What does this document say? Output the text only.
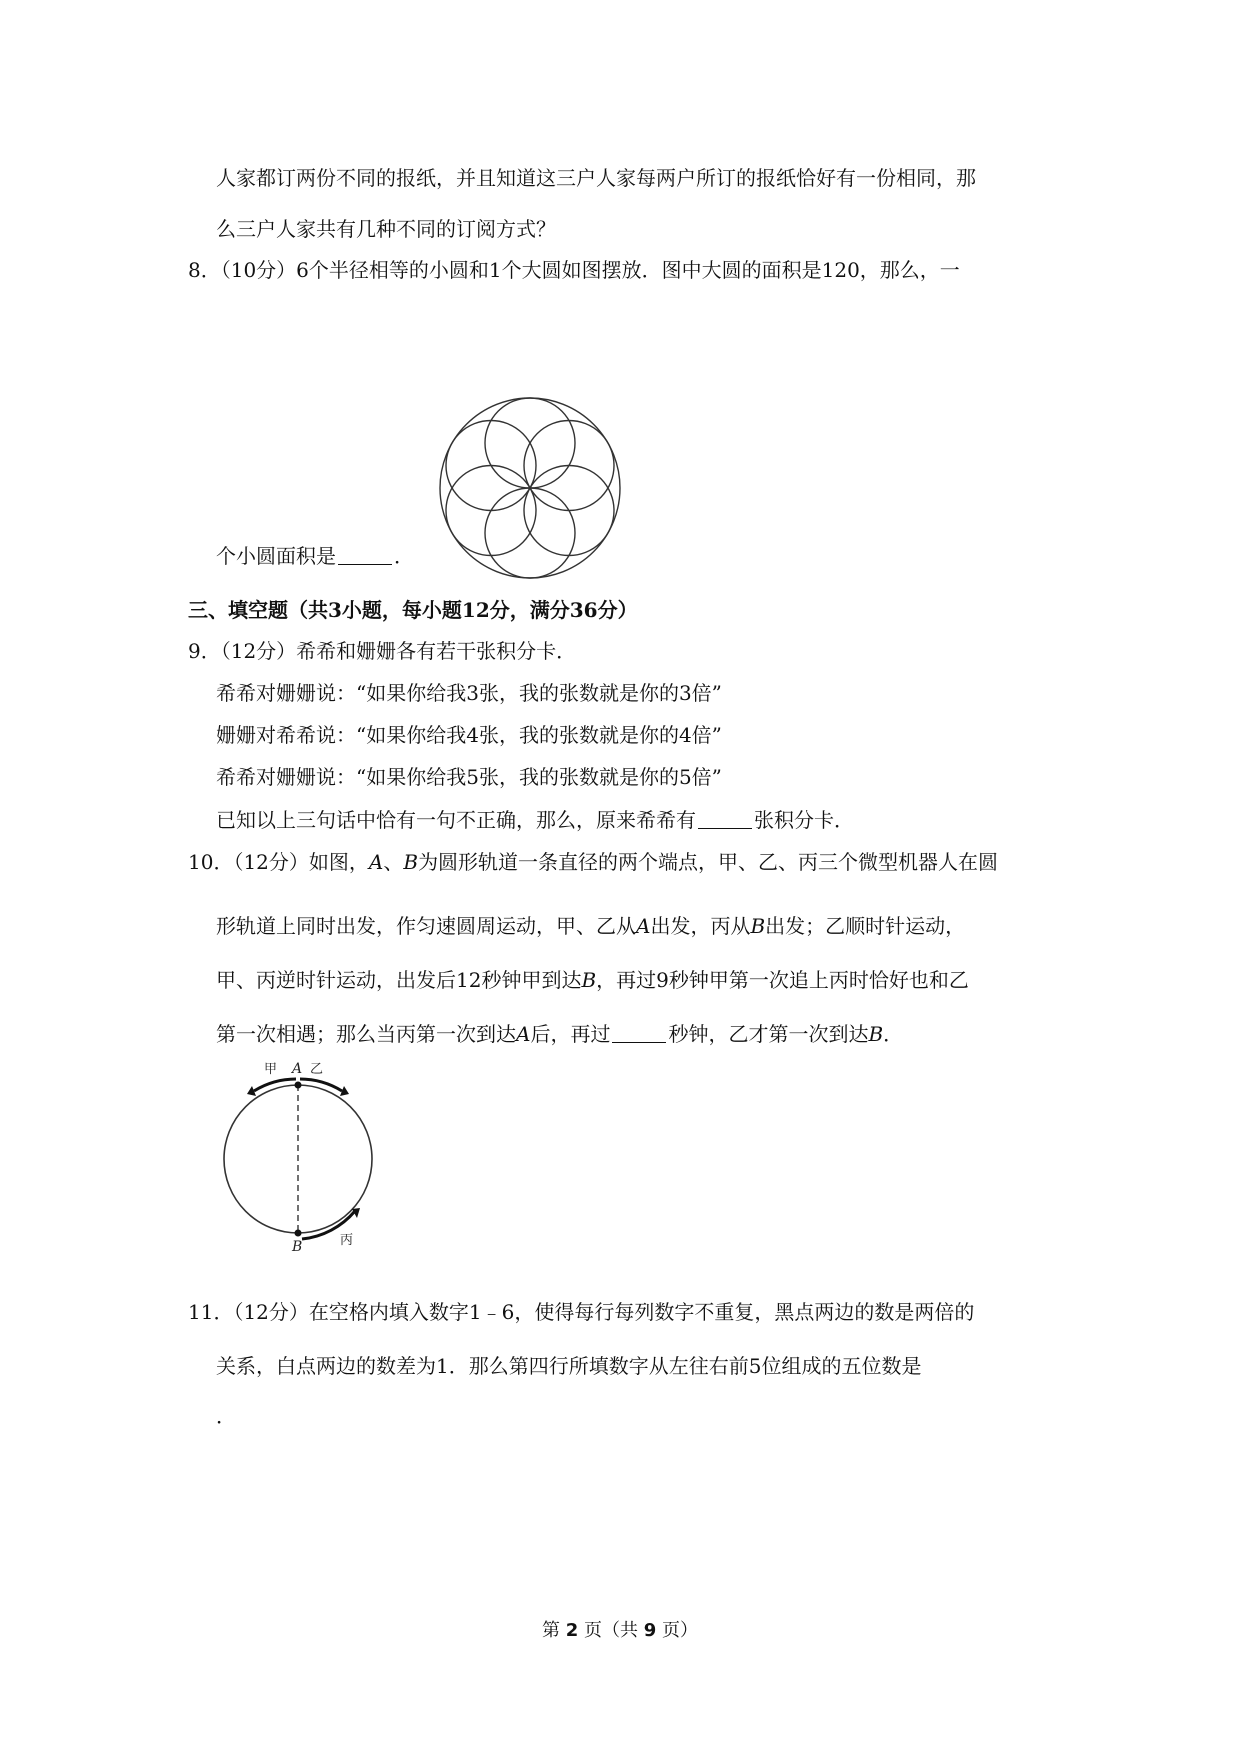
人家都订两份不同的报纸，并且知道这三户人家每两户所订的报纸恰好有一份相同，那
么三户人家共有几种不同的订阅方式？
8．（10分）6个半径相等的小圆和1个大圆如图摆放．图中大圆的面积是120，那么，一
个小圆面积是	．
三、填空题（共3小题，每小题12分，满分36分）
9．（12分）希希和姗姗各有若干张积分卡．
希希对姗姗说：“如果你给我3张，我的张数就是你的3倍”
姗姗对希希说：“如果你给我4张，我的张数就是你的4倍”
希希对姗姗说：“如果你给我5张，我的张数就是你的5倍”
已知以上三句话中恰有一句不正确，那么，原来希希有	张积分卡．
10．（12分）如图，A、B为圆形轨道一条直径的两个端点，甲、乙、丙三个微型机器人在圆
形轨道上同时出发，作匀速圆周运动，甲、乙从A出发，丙从B出发；乙顺时针运动，
甲、丙逆时针运动，出发后12秒钟甲到达B，再过9秒钟甲第一次追上丙时恰好也和乙
第一次相遇；那么当丙第一次到达A后，再过	秒钟，乙才第一次到达B．
甲 A 乙
B	丙
11．（12分）在空格内填入数字1﹣6，使得每行每列数字不重复，黑点两边的数是两倍的
关系，白点两边的数差为1．那么第四行所填数字从左往右前5位组成的五位数是
．
第 2 页（共 9 页）
